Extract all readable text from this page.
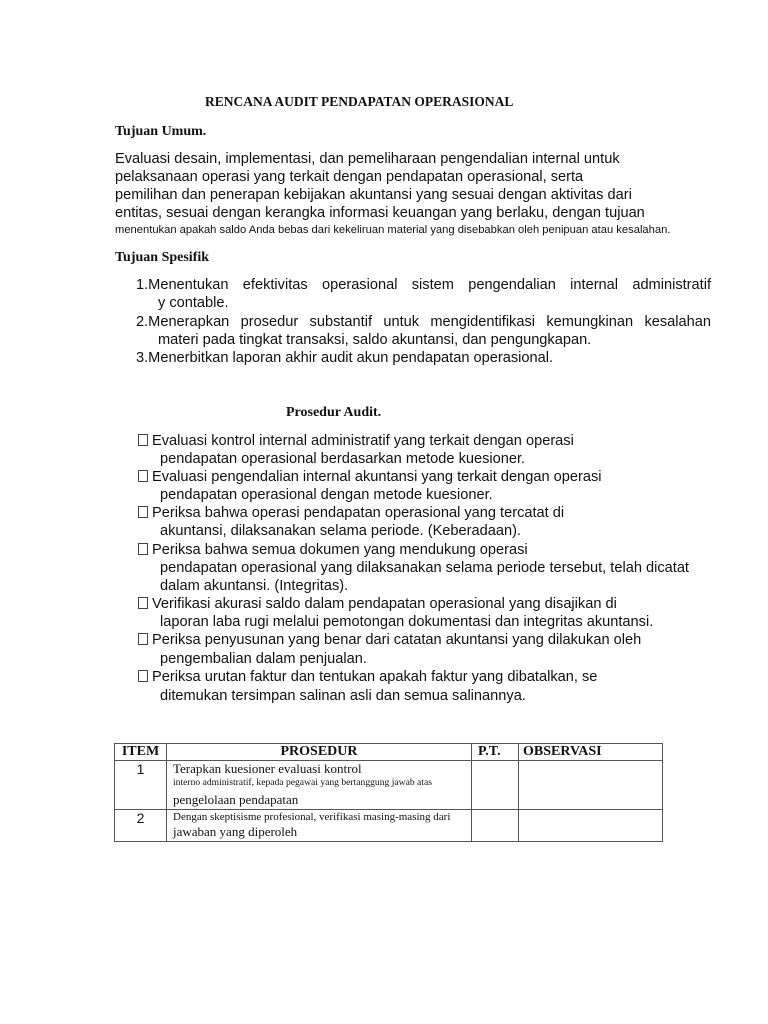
RENCANA AUDIT PENDAPATAN OPERASIONAL
Tujuan Umum.
Evaluasi desain, implementasi, dan pemeliharaan pengendalian internal untuk
pelaksanaan operasi yang terkait dengan pendapatan operasional, serta
pemilihan dan penerapan kebijakan akuntansi yang sesuai dengan aktivitas dari
entitas, sesuai dengan kerangka informasi keuangan yang berlaku, dengan tujuan
menentukan apakah saldo Anda bebas dari kekeliruan material yang disebabkan oleh penipuan atau kesalahan.
Tujuan Spesifik
1.Menentukan efektivitas operasional sistem pengendalian internal administratif
y contable.
2.Menerapkan prosedur substantif untuk mengidentifikasi kemungkinan kesalahan
materi pada tingkat transaksi, saldo akuntansi, dan pengungkapan.
3.Menerbitkan laporan akhir audit akun pendapatan operasional.
Prosedur Audit.
Evaluasi kontrol internal administratif yang terkait dengan operasi
pendapatan operasional berdasarkan metode kuesioner.
Evaluasi pengendalian internal akuntansi yang terkait dengan operasi
pendapatan operasional dengan metode kuesioner.
Periksa bahwa operasi pendapatan operasional yang tercatat di
akuntansi, dilaksanakan selama periode. (Keberadaan).
Periksa bahwa semua dokumen yang mendukung operasi
pendapatan operasional yang dilaksanakan selama periode tersebut, telah dicatat
dalam akuntansi. (Integritas).
Verifikasi akurasi saldo dalam pendapatan operasional yang disajikan di
laporan laba rugi melalui pemotongan dokumentasi dan integritas akuntansi.
Periksa penyusunan yang benar dari catatan akuntansi yang dilakukan oleh
pengembalian dalam penjualan.
Periksa urutan faktur dan tentukan apakah faktur yang dibatalkan, se
ditemukan tersimpan salinan asli dan semua salinannya.
ITEM	PROSEDUR	P.T.	OBSERVASI
1	Terapkan kuesioner evaluasi kontrol
interno administratif, kepada pegawai yang bertanggung jawab atas
pengelolaan pendapatan		

2	Dengan skeptisisme profesional, verifikasi masing-masing dari
jawaban yang diperoleh		
